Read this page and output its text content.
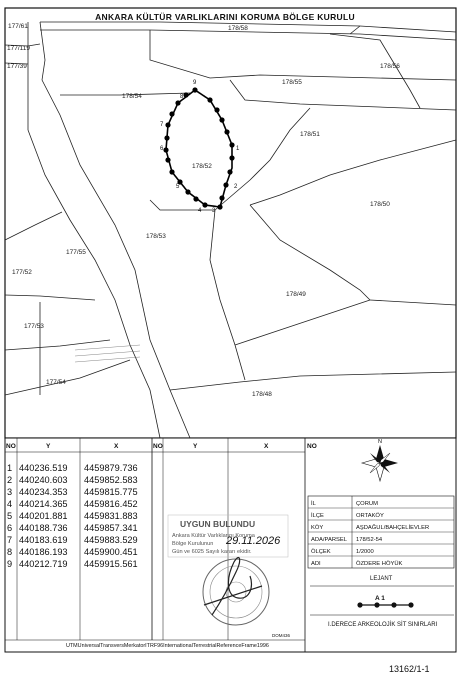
ANKARA KÜLTÜR VARLIKLARINI KORUMA BÖLGE KURULU
177/61
177/119
177/39
178/58
178/56
178/55
178/54
178/51
178/52
178/50
178/53
177/55
177/52
178/49
177/53
177/54
178/48
1
2
3
4
5
6
7
8
9
NO	Y	X	NO	Y	X	NO
1 440236.519 4459879.736
2 440240.603 4459852.583
3 440234.353 4459815.775
4 440214.365 4459816.452
5 440201.881 4459831.883
6 440188.736 4459857.341
7 440183.619 4459883.529
8 440186.193 4459900.451
9 440212.719 4459915.561
DOM436
UTMUniversalTransversMerkatorITRF96InternationalTerrestrialReferenceFrame1996
UYGUN BULUNDU
Ankara Kültür Varlıklarını Koruma
Bölge Kurulunun
Gün ve 6025 Sayılı kararı ekidir.
29.11.2026
N
İL	ÇORUM
İLÇE	ORTAKÖY
KÖY	AŞDAĞUL/BAHÇELİEVLER
ADA/PARSEL 178/52-54
ÖLÇEK	1/2000
ADI	ÖZDERE HÖYÜK
LEJANT
A 1
I.DERECE ARKEOLOJİK SİT SINIRLARI
13162/1-1
